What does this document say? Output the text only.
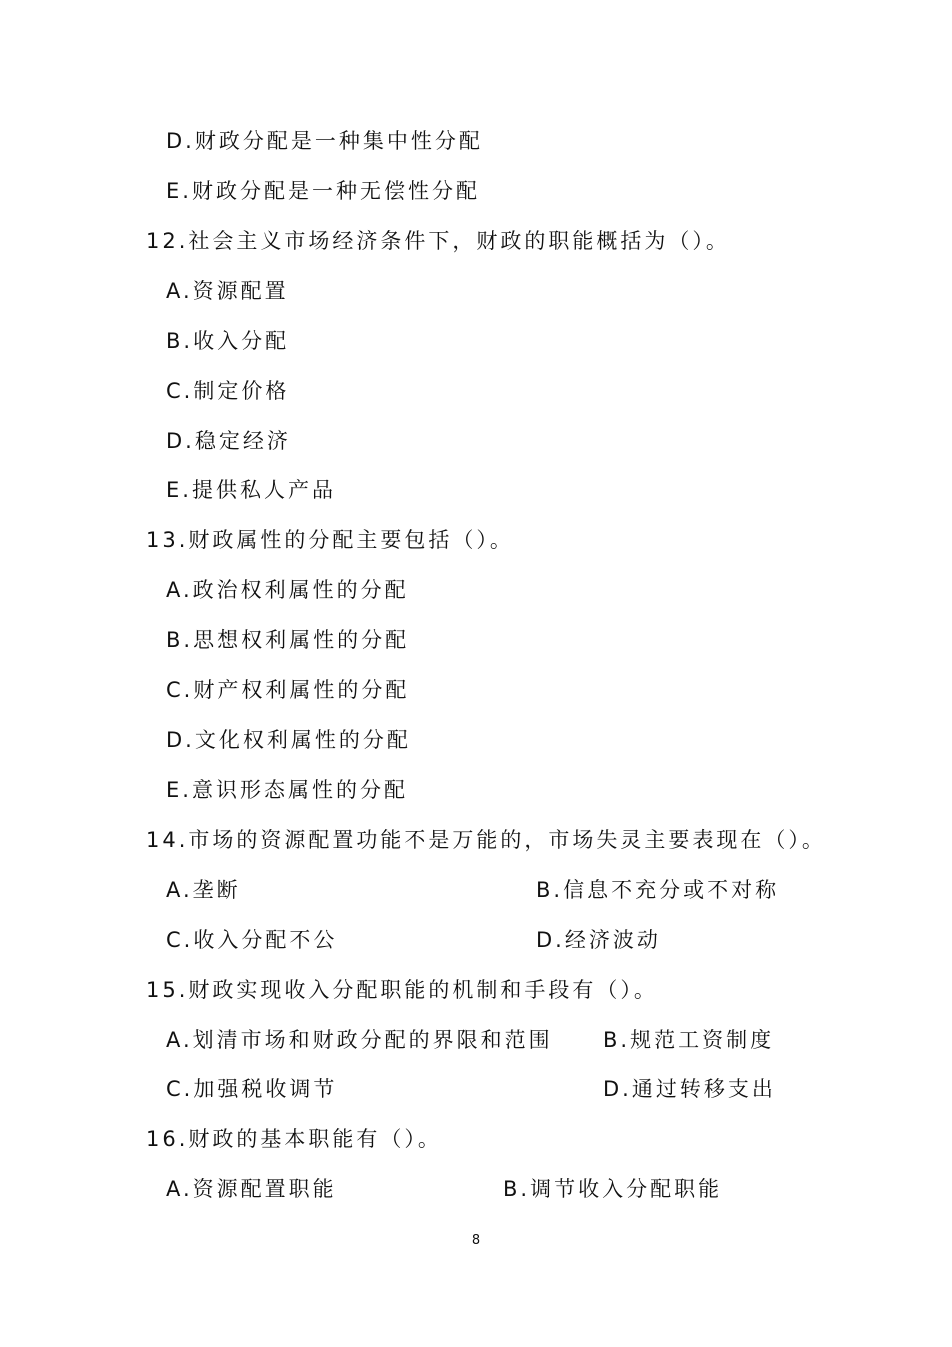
D.财政分配是一种集中性分配
E.财政分配是一种无偿性分配
12.社会主义市场经济条件下，财政的职能概括为（）。
A.资源配置
B.收入分配
C.制定价格
D.稳定经济
E.提供私人产品
13.财政属性的分配主要包括（）。
A.政治权利属性的分配
B.思想权利属性的分配
C.财产权利属性的分配
D.文化权利属性的分配
E.意识形态属性的分配
14.市场的资源配置功能不是万能的，市场失灵主要表现在（）。
A.垄断	B.信息不充分或不对称
C.收入分配不公	D.经济波动
15.财政实现收入分配职能的机制和手段有（）。
A.划清市场和财政分配的界限和范围 B.规范工资制度
C.加强税收调节	D.通过转移支出
16.财政的基本职能有（）。
A.资源配置职能	B.调节收入分配职能
8
